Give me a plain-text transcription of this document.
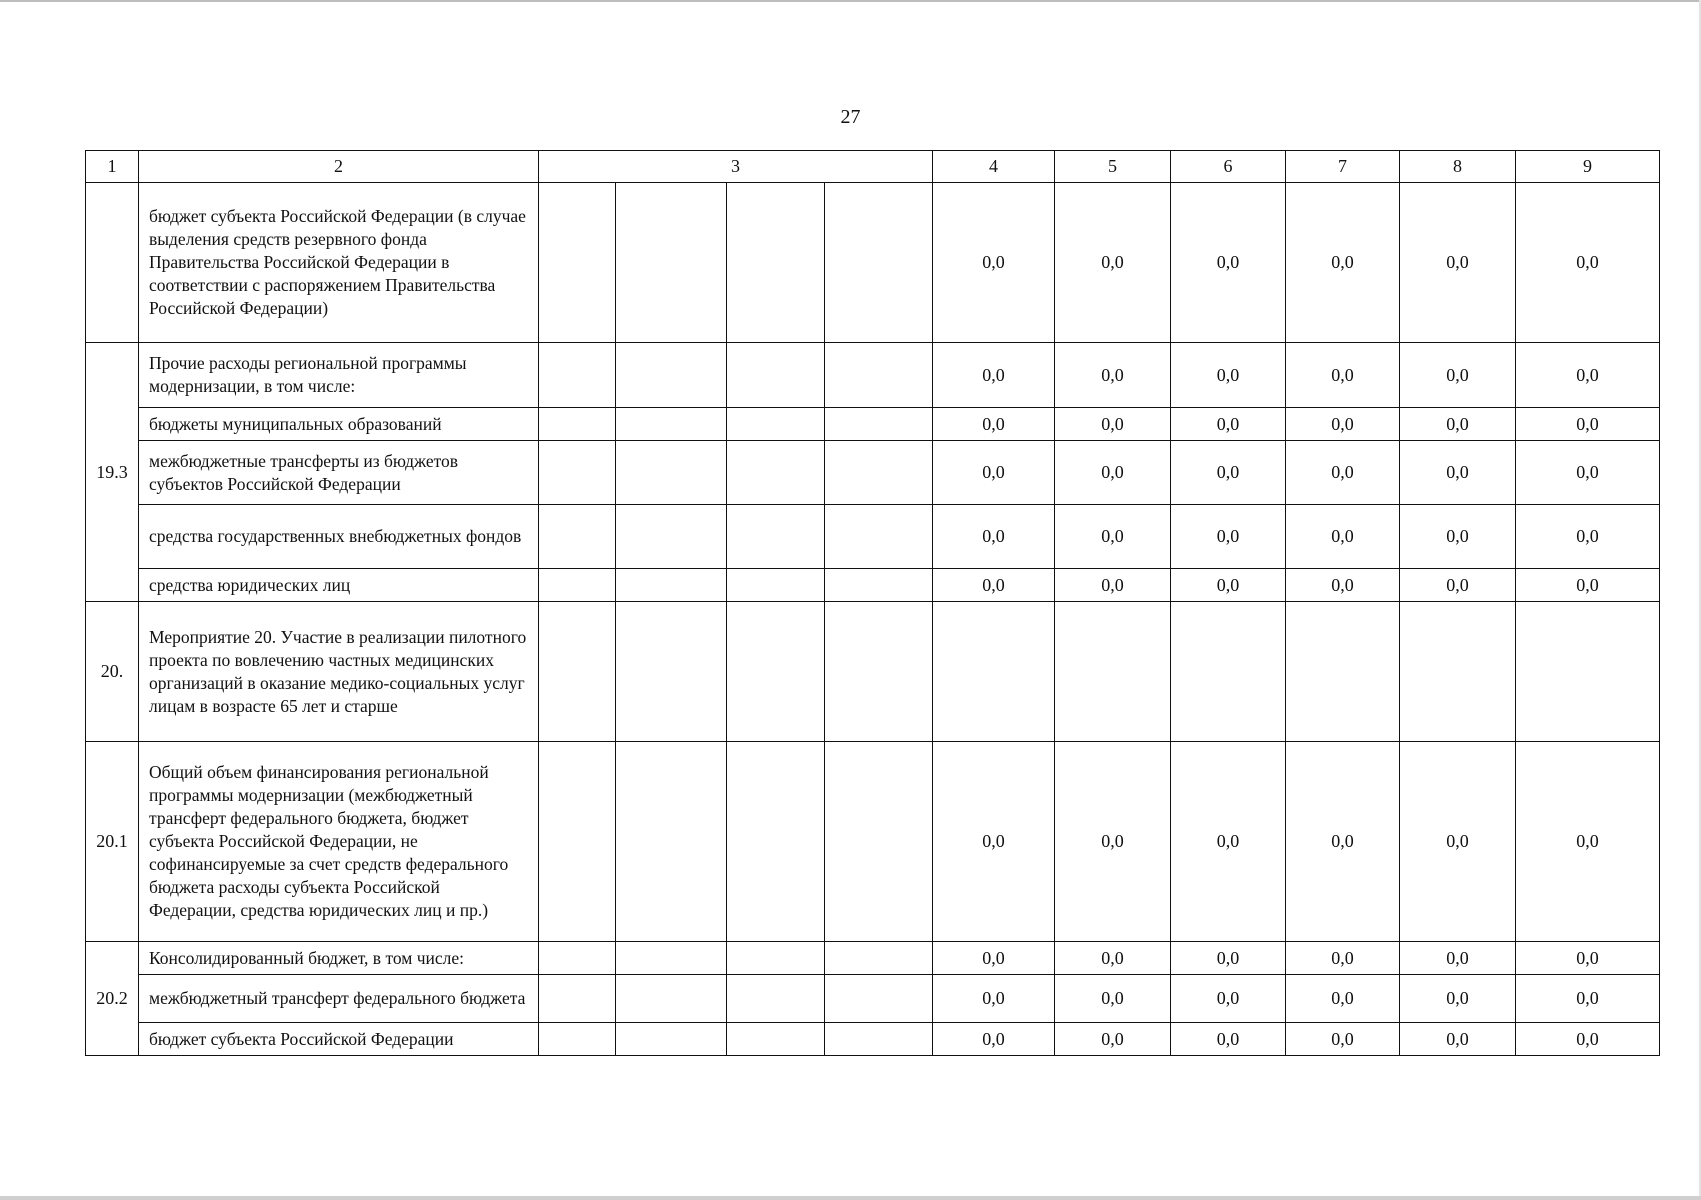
27
1	2	3				4	5	6	7	8	9
	бюджет субъекта Российской Федерации (в случае выделения средств резервного фонда Правительства Российской Федерации в соответствии с распоряжением Правительства Российской Федерации)					0,0	0,0	0,0	0,0	0,0	0,0
19.3	Прочие расходы региональной программы модернизации, в том числе:					0,0	0,0	0,0	0,0	0,0	0,0
	бюджеты муниципальных образований					0,0	0,0	0,0	0,0	0,0	0,0
	межбюджетные трансферты из бюджетов субъектов Российской Федерации					0,0	0,0	0,0	0,0	0,0	0,0
	средства государственных внебюджетных фондов					0,0	0,0	0,0	0,0	0,0	0,0
	средства юридических лиц					0,0	0,0	0,0	0,0	0,0	0,0
20.	Мероприятие 20. Участие в реализации пилотного проекта по вовлечению частных медицинских организаций в оказание медико-социальных услуг лицам в возрасте 65 лет и старше										
20.1	Общий объем финансирования региональной программы модернизации (межбюджетный трансферт федерального бюджета, бюджет субъекта Российской Федерации, не софинансируемые за счет средств федерального бюджета расходы субъекта Российской Федерации, средства юридических лиц и пр.)					0,0	0,0	0,0	0,0	0,0	0,0
20.2	Консолидированный бюджет, в том числе:					0,0	0,0	0,0	0,0	0,0	0,0
	межбюджетный трансферт федерального бюджета					0,0	0,0	0,0	0,0	0,0	0,0
	бюджет субъекта Российской Федерации					0,0	0,0	0,0	0,0	0,0	0,0
